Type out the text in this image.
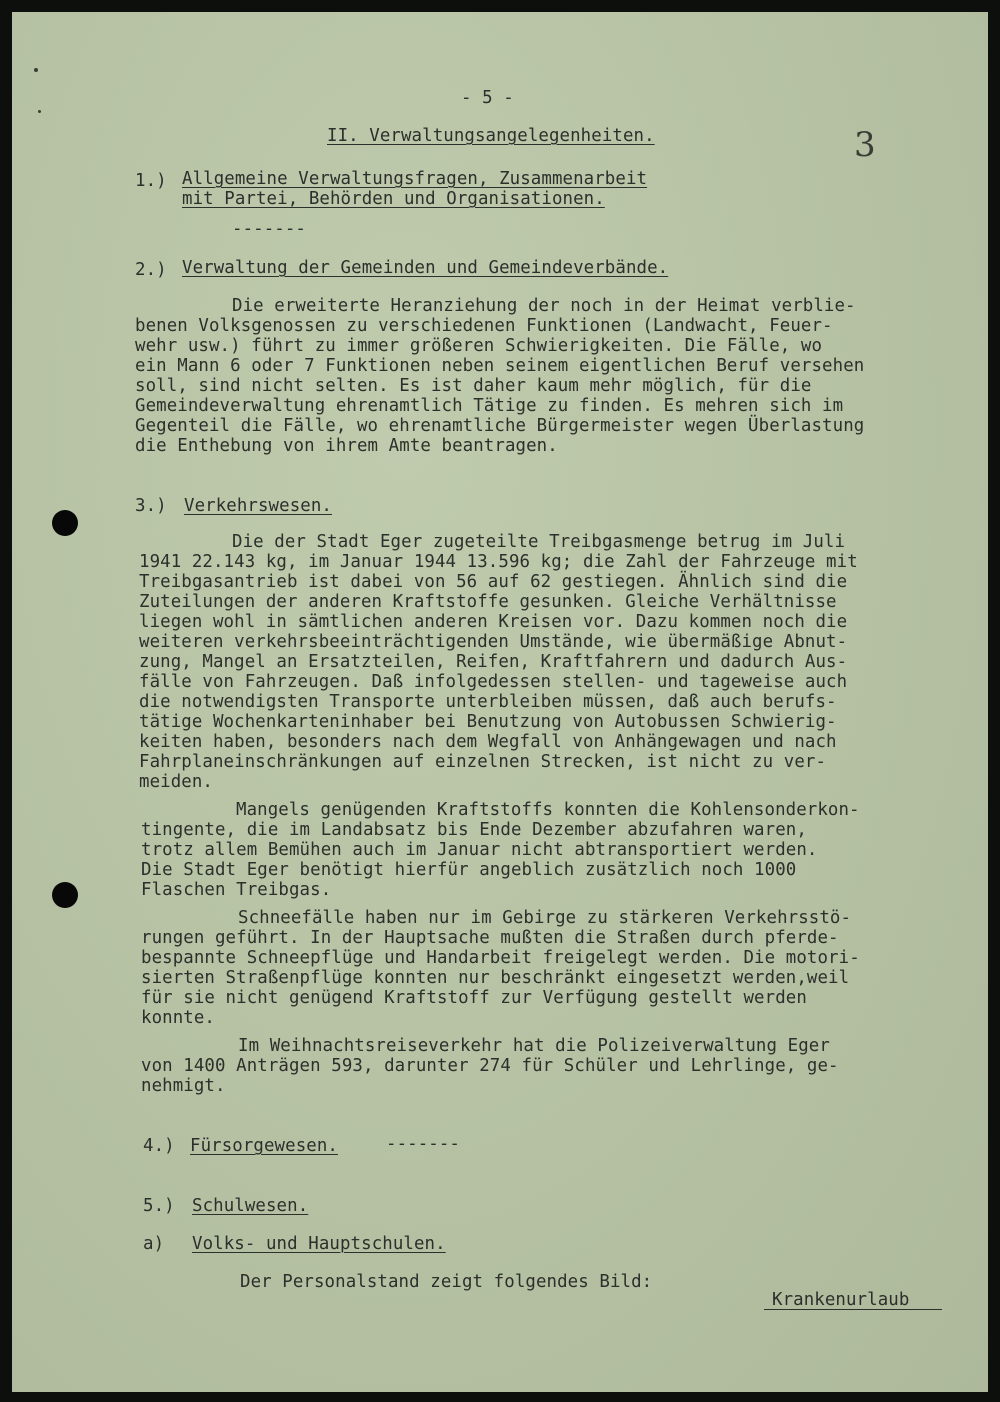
- 5 -

II. Verwaltungsangelegenheiten.	3

1.) Allgemeine Verwaltungsfragen, Zusammenarbeit

mit Partei, Behörden und Organisationen.

-------

2.) Verwaltung der Gemeinden und Gemeindeverbände.

Die erweiterte Heranziehung der noch in der Heimat verblie-

benen Volksgenossen zu verschiedenen Funktionen (Landwacht, Feuer-

wehr usw.) führt zu immer größeren Schwierigkeiten. Die Fälle, wo

ein Mann 6 oder 7 Funktionen neben seinem eigentlichen Beruf versehen

soll, sind nicht selten. Es ist daher kaum mehr möglich, für die

Gemeindeverwaltung ehrenamtlich Tätige zu finden. Es mehren sich im

Gegenteil die Fälle, wo ehrenamtliche Bürgermeister wegen Überlastung

die Enthebung von ihrem Amte beantragen.

3.) Verkehrswesen.

Die der Stadt Eger zugeteilte Treibgasmenge betrug im Juli

1941 22.143 kg, im Januar 1944 13.596 kg; die Zahl der Fahrzeuge mit

Treibgasantrieb ist dabei von 56 auf 62 gestiegen. Ähnlich sind die

Zuteilungen der anderen Kraftstoffe gesunken. Gleiche Verhältnisse

liegen wohl in sämtlichen anderen Kreisen vor. Dazu kommen noch die

weiteren verkehrsbeeinträchtigenden Umstände, wie übermäßige Abnut-

zung, Mangel an Ersatzteilen, Reifen, Kraftfahrern und dadurch Aus-

fälle von Fahrzeugen. Daß infolgedessen stellen- und tageweise auch

die notwendigsten Transporte unterbleiben müssen, daß auch berufs-

tätige Wochenkarteninhaber bei Benutzung von Autobussen Schwierig-

keiten haben, besonders nach dem Wegfall von Anhängewagen und nach

Fahrplaneinschränkungen auf einzelnen Strecken, ist nicht zu ver-

meiden.

Mangels genügenden Kraftstoffs konnten die Kohlensonderkon-

tingente, die im Landabsatz bis Ende Dezember abzufahren waren,

trotz allem Bemühen auch im Januar nicht abtransportiert werden.

Die Stadt Eger benötigt hierfür angeblich zusätzlich noch 1000

Flaschen Treibgas.

Schneefälle haben nur im Gebirge zu stärkeren Verkehrsstö-

rungen geführt. In der Hauptsache mußten die Straßen durch pferde-

bespannte Schneepflüge und Handarbeit freigelegt werden. Die motori-

sierten Straßenpflüge konnten nur beschränkt eingesetzt werden,weil

für sie nicht genügend Kraftstoff zur Verfügung gestellt werden

konnte.

Im Weihnachtsreiseverkehr hat die Polizeiverwaltung Eger

von 1400 Anträgen 593, darunter 274 für Schüler und Lehrlinge, ge-

nehmigt.

4.) Fürsorgewesen.	-------

5.) Schulwesen.

a) Volks- und Hauptschulen.

Der Personalstand zeigt folgendes Bild:

Krankenurlaub
